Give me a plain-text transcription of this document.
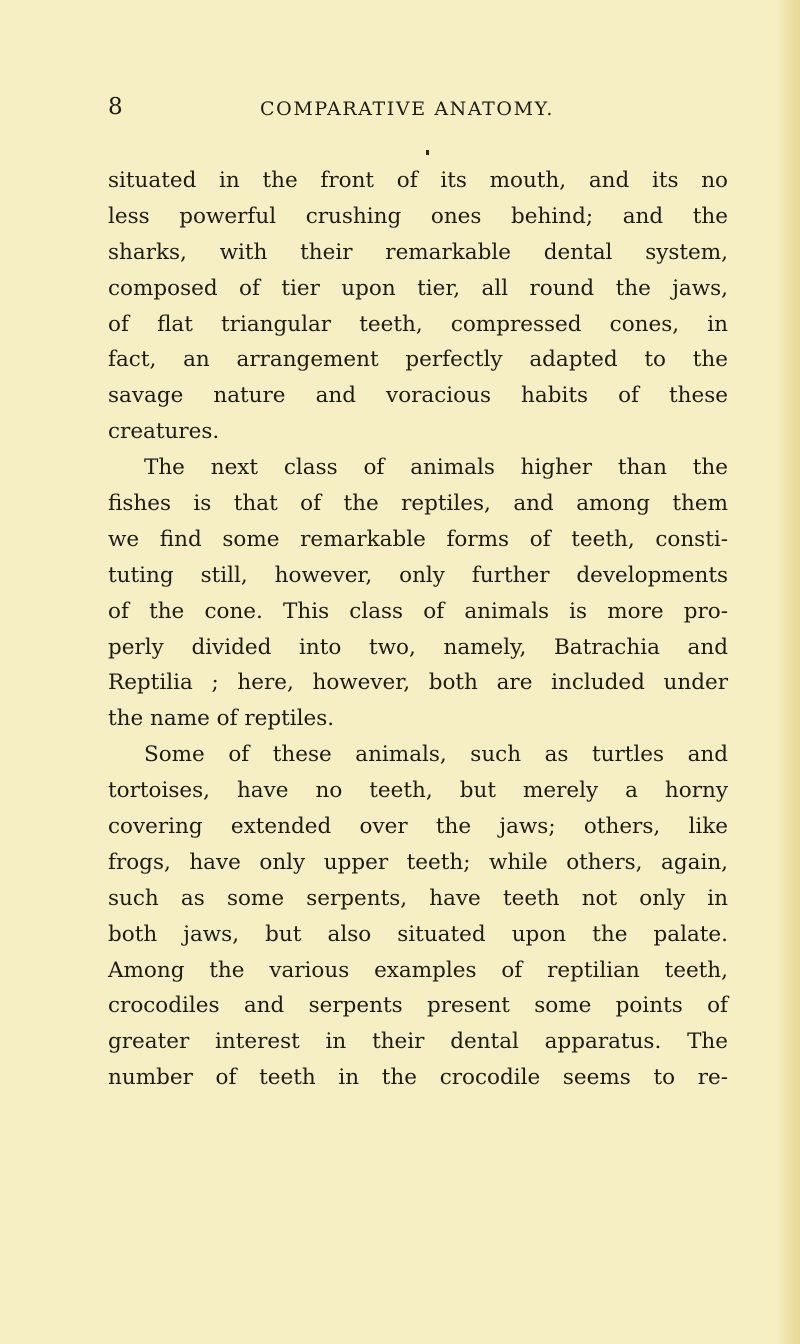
8	COMPARATIVE ANATOMY.
situated in the front of its mouth, and its no
less powerful crushing ones behind; and the
sharks, with their remarkable dental system,
composed of tier upon tier, all round the jaws,
of flat triangular teeth, compressed cones, in
fact, an arrangement perfectly adapted to the
savage nature and voracious habits of these
creatures.
The next class of animals higher than the
fishes is that of the reptiles, and among them
we find some remarkable forms of teeth, consti-
tuting still, however, only further developments
of the cone. This class of animals is more pro-
perly divided into two, namely, Batrachia and
Reptilia ; here, however, both are included under
the name of reptiles.
Some of these animals, such as turtles and
tortoises, have no teeth, but merely a horny
covering extended over the jaws; others, like
frogs, have only upper teeth; while others, again,
such as some serpents, have teeth not only in
both jaws, but also situated upon the palate.
Among the various examples of reptilian teeth,
crocodiles and serpents present some points of
greater interest in their dental apparatus. The
number of teeth in the crocodile seems to re-
